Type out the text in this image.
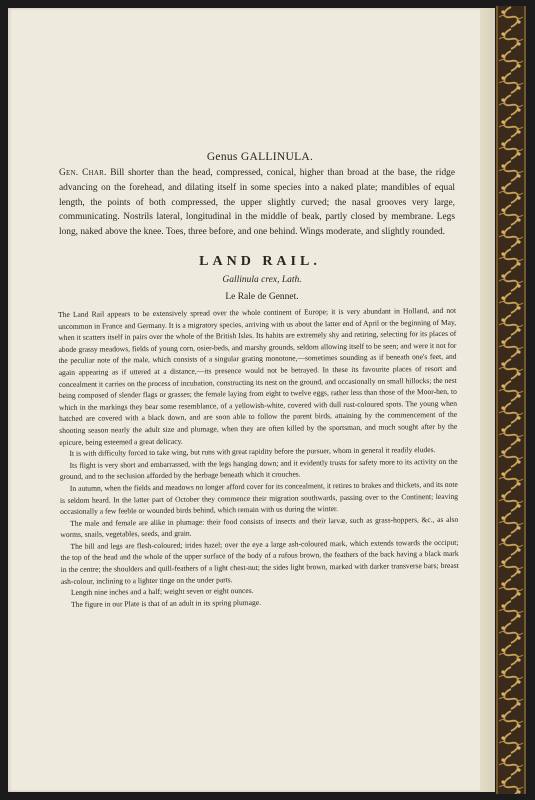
Genus GALLINULA.
Gen. Char. Bill shorter than the head, compressed, conical, higher than broad at the base, the ridge advancing on the forehead, and dilating itself in some species into a naked plate; mandibles of equal length, the points of both compressed, the upper slightly curved; the nasal grooves very large, communicating. Nostrils lateral, longitudinal in the middle of beak, partly closed by membrane. Legs long, naked above the knee. Toes, three before, and one behind. Wings moderate, and slightly rounded.
LAND RAIL.
Gallinula crex, Lath.
Le Rale de Gennet.

The Land Rail appears to be extensively spread over the whole continent of Europe; it is very abundant in Holland, and not uncommon in France and Germany. It is a migratory species, arriving with us about the latter end of April or the beginning of May, when it scatters itself in pairs over the whole of the British Isles. Its habits are extremely shy and retiring, selecting for its places of abode grassy meadows, fields of young corn, osier-beds, and marshy grounds, seldom allowing itself to be seen; and were it not for the peculiar note of the male, which consists of a singular grating monotone,—sometimes sounding as if beneath one's feet, and again appearing as if uttered at a distance,—its presence would not be betrayed. In these its favourite places of resort and concealment it carries on the process of incubation, constructing its nest on the ground, and occasionally on small hillocks; the nest being composed of slender flags or grasses; the female laying from eight to twelve eggs, rather less than those of the Moor-hen, to which in the markings they bear some resemblance, of a yellowish-white, covered with dull rust-coloured spots. The young when hatched are covered with a black down, and are soon able to follow the parent birds, attaining by the commencement of the shooting season nearly the adult size and plumage, when they are often killed by the sportsman, and much sought after by the epicure, being esteemed a great delicacy.

It is with difficulty forced to take wing, but runs with great rapidity before the pursuer, whom in general it readily eludes.

Its flight is very short and embarrassed, with the legs hanging down; and it evidently trusts for safety more to its activity on the ground, and to the seclusion afforded by the herbage beneath which it crouches.

In autumn, when the fields and meadows no longer afford cover for its concealment, it retires to brakes and thickets, and its note is seldom heard. In the latter part of October they commence their migration southwards, passing over to the Continent; leaving occasionally a few feeble or wounded birds behind, which remain with us during the winter.

The male and female are alike in plumage: their food consists of insects and their larvæ, such as grass-hoppers, &c., as also worms, snails, vegetables, seeds, and grain.

The bill and legs are flesh-coloured; irides hazel; over the eye a large ash-coloured mark, which extends towards the occiput; the top of the head and the whole of the upper surface of the body of a rufous brown, the feathers of the back having a black mark in the centre; the shoulders and quill-feathers of a light chest-nut; the sides light brown, marked with darker transverse bars; breast ash-colour, inclining to a lighter tinge on the under parts.

Length nine inches and a half; weight seven or eight ounces.

The figure in our Plate is that of an adult in its spring plumage.
